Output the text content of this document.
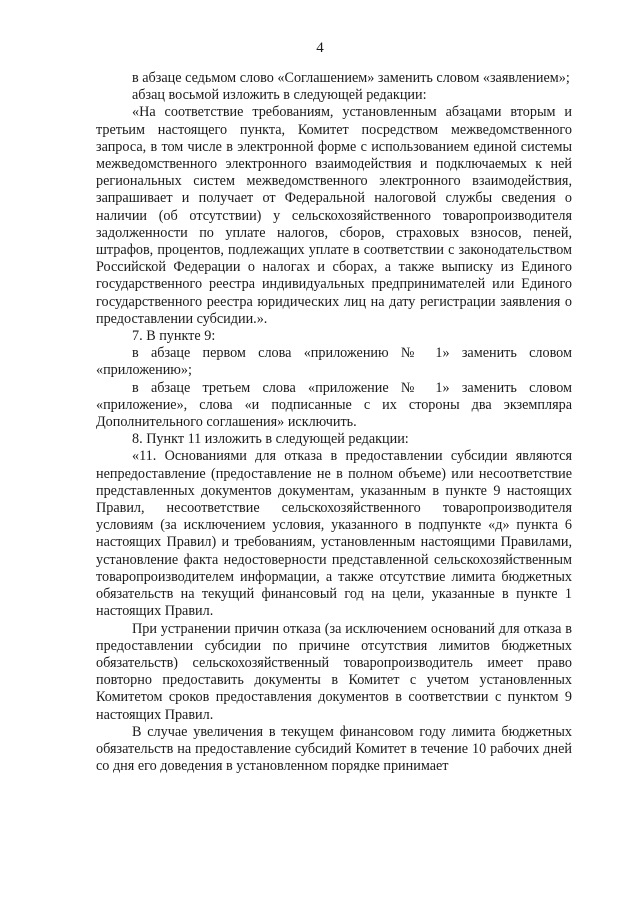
4

в абзаце седьмом слово «Соглашением» заменить словом «заявлением»;

абзац восьмой изложить в следующей редакции:

«На соответствие требованиям, установленным абзацами вторым и третьим настоящего пункта, Комитет посредством межведомственного запроса, в том числе в электронной форме с использованием единой системы межведомственного электронного взаимодействия и подключаемых к ней региональных систем межведомственного электронного взаимодействия, запрашивает и получает от Федеральной налоговой службы сведения о наличии (об отсутствии) у сельскохозяйственного товаропроизводителя задолженности по уплате налогов, сборов, страховых взносов, пеней, штрафов, процентов, подлежащих уплате в соответствии с законодательством Российской Федерации о налогах и сборах, а также выписку из Единого государственного реестра индивидуальных предпринимателей или Единого государственного реестра юридических лиц на дату регистрации заявления о предоставлении субсидии.».

7. В пункте 9:

в абзаце первом слова «приложению № 1» заменить словом «приложению»;

в абзаце третьем слова «приложение № 1» заменить словом «приложение», слова «и подписанные с их стороны два экземпляра Дополнительного соглашения» исключить.

8. Пункт 11 изложить в следующей редакции:

«11. Основаниями для отказа в предоставлении субсидии являются непредоставление (предоставление не в полном объеме) или несоответствие представленных документов документам, указанным в пункте 9 настоящих Правил, несоответствие сельскохозяйственного товаропроизводителя условиям (за исключением условия, указанного в подпункте «д» пункта 6 настоящих Правил) и требованиям, установленным настоящими Правилами, установление факта недостоверности представленной сельскохозяйственным товаропроизводителем информации, а также отсутствие лимита бюджетных обязательств на текущий финансовый год на цели, указанные в пункте 1 настоящих Правил.

При устранении причин отказа (за исключением оснований для отказа в предоставлении субсидии по причине отсутствия лимитов бюджетных обязательств) сельскохозяйственный товаропроизводитель имеет право повторно предоставить документы в Комитет с учетом установленных Комитетом сроков предоставления документов в соответствии с пунктом 9 настоящих Правил.

В случае увеличения в текущем финансовом году лимита бюджетных обязательств на предоставление субсидий Комитет в течение 10 рабочих дней со дня его доведения в установленном порядке принимает
